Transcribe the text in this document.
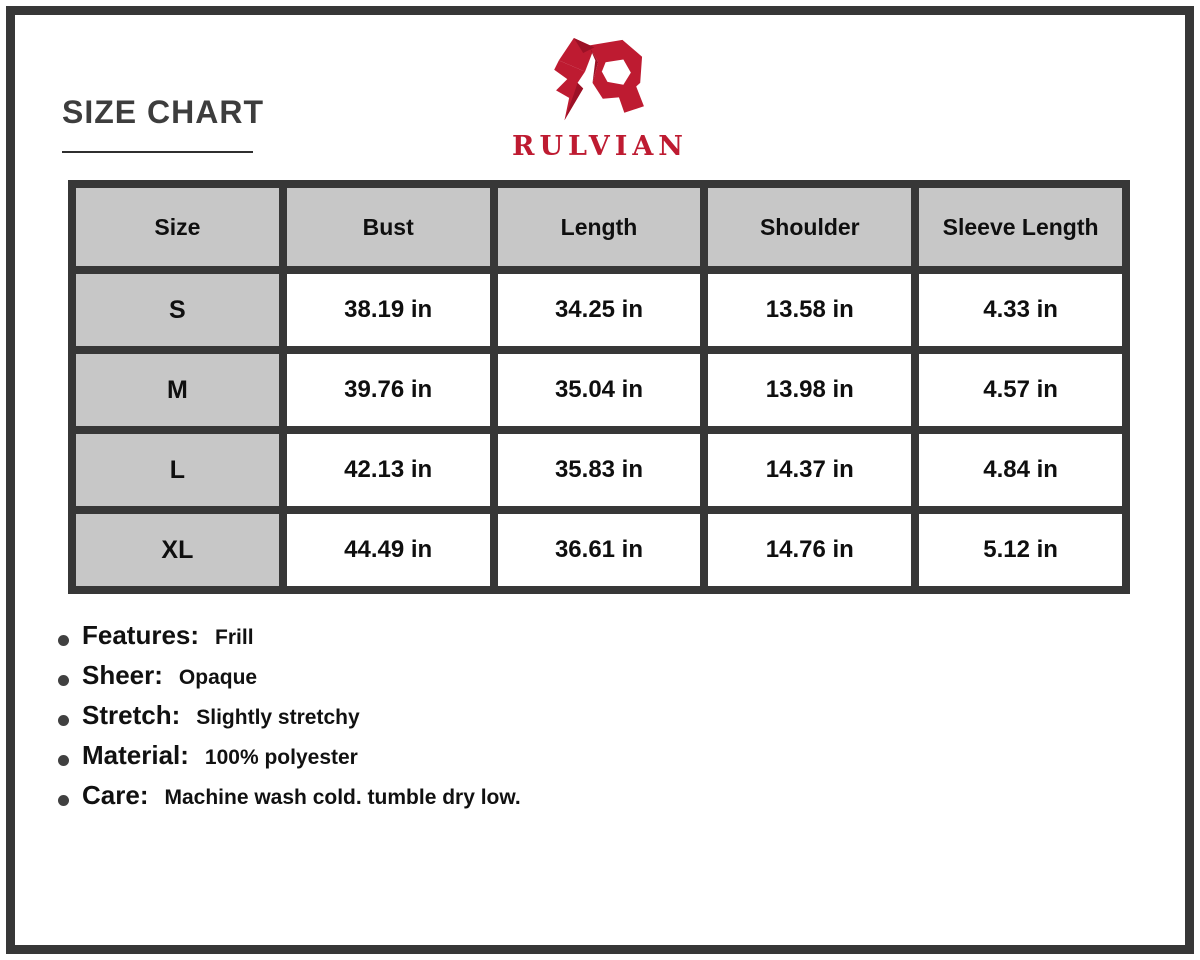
SIZE CHART
RULVIAN
Size	Bust	Length	Shoulder	Sleeve Length
S	38.19 in	34.25 in	13.58 in	4.33 in
M	39.76 in	35.04 in	13.98 in	4.57 in
L	42.13 in	35.83 in	14.37 in	4.84 in
XL	44.49 in	36.61 in	14.76 in	5.12 in
Features: Frill
Sheer: Opaque
Stretch: Slightly stretchy
Material: 100% polyester
Care: Machine wash cold. tumble dry low.
